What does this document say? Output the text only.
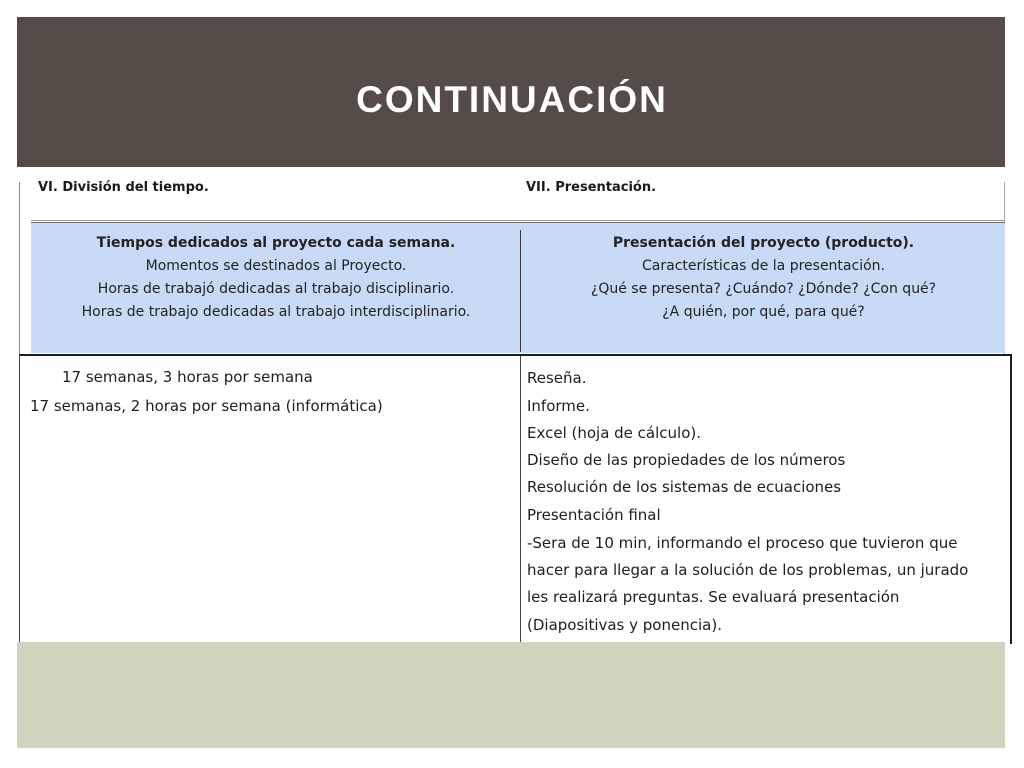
CONTINUACIÓN
VI. División del tiempo.	VII. Presentación.
Tiempos dedicados al proyecto cada semana.
Momentos se destinados al Proyecto.
Horas de trabajó dedicadas al trabajo disciplinario.
Horas de trabajo dedicadas al trabajo interdisciplinario.
Presentación del proyecto (producto).
Características de la presentación.
¿Qué se presenta? ¿Cuándo? ¿Dónde? ¿Con qué?
¿A quién, por qué, para qué?
17 semanas, 3 horas por semana
17 semanas, 2 horas por semana (informática)
Reseña.
Informe.
Excel (hoja de cálculo).
Diseño de las propiedades de los números
Resolución de los sistemas de ecuaciones
Presentación final
-Sera de 10 min, informando el proceso que tuvieron que
hacer para llegar a la solución de los problemas, un jurado
les realizará preguntas. Se evaluará presentación
(Diapositivas y ponencia).
